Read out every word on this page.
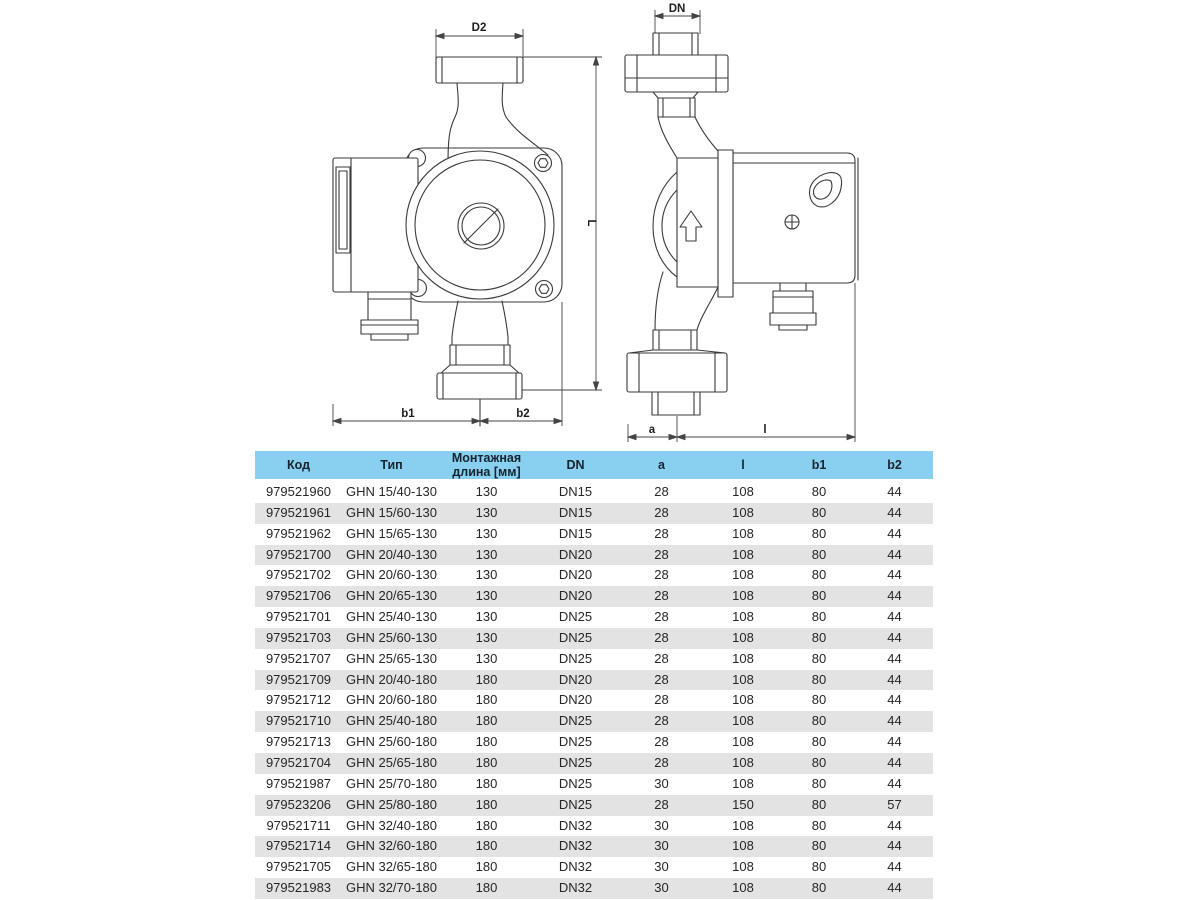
D2
L
b1	b2
DN
a	l
Код	Тип	Монтажная длина [мм]	DN	a	l	b1	b2
979521960	GHN 15/40-130	130	DN15	28	108	80	44
979521961	GHN 15/60-130	130	DN15	28	108	80	44
979521962	GHN 15/65-130	130	DN15	28	108	80	44
979521700	GHN 20/40-130	130	DN20	28	108	80	44
979521702	GHN 20/60-130	130	DN20	28	108	80	44
979521706	GHN 20/65-130	130	DN20	28	108	80	44
979521701	GHN 25/40-130	130	DN25	28	108	80	44
979521703	GHN 25/60-130	130	DN25	28	108	80	44
979521707	GHN 25/65-130	130	DN25	28	108	80	44
979521709	GHN 20/40-180	180	DN20	28	108	80	44
979521712	GHN 20/60-180	180	DN20	28	108	80	44
979521710	GHN 25/40-180	180	DN25	28	108	80	44
979521713	GHN 25/60-180	180	DN25	28	108	80	44
979521704	GHN 25/65-180	180	DN25	28	108	80	44
979521987	GHN 25/70-180	180	DN25	30	108	80	44
979523206	GHN 25/80-180	180	DN25	28	150	80	57
979521711	GHN 32/40-180	180	DN32	30	108	80	44
979521714	GHN 32/60-180	180	DN32	30	108	80	44
979521705	GHN 32/65-180	180	DN32	30	108	80	44
979521983	GHN 32/70-180	180	DN32	30	108	80	44
